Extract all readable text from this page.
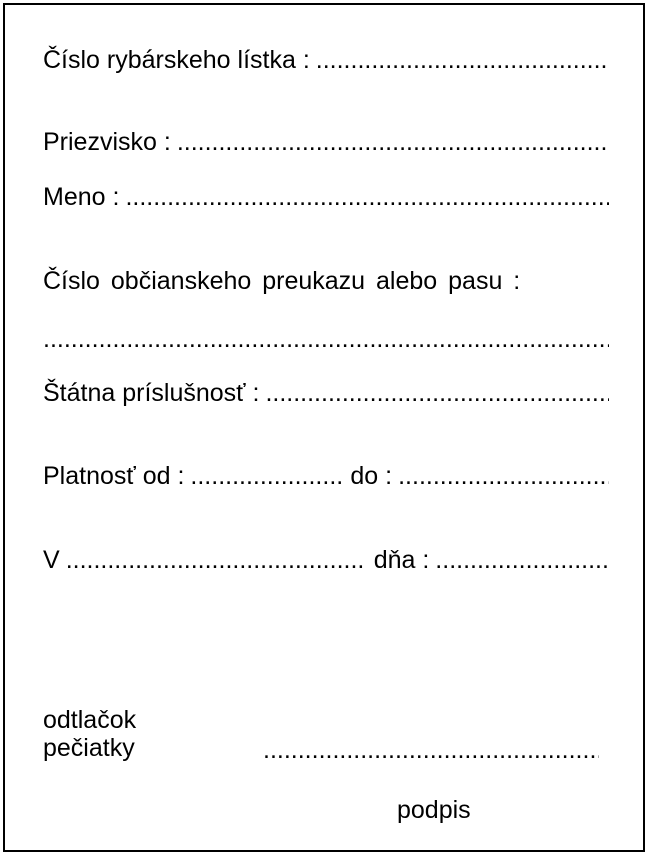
Číslo rybárskeho lístka :
.....
Priezvisko :
.....
Meno :
.....
Číslo občianskeho preukazu alebo pasu :
.....
Štátna príslušnosť :
.....
Platnosť od : .....	do :
.....
V .....	dňa :
.....
odtlačok
pečiatky
.....
podpis
